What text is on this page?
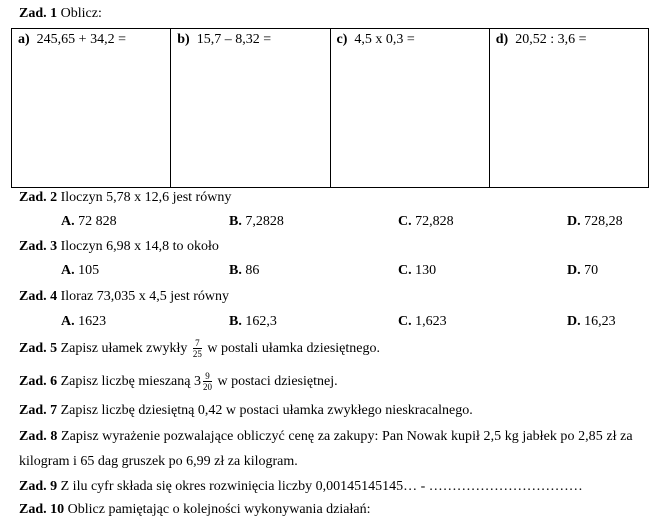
Zad. 1 Oblicz:
a) 245,65 + 34,2 =	b) 15,7 – 8,32 =	c) 4,5 x 0,3 =	d) 20,52 : 3,6 =
Zad. 2 Iloczyn 5,78 x 12,6 jest równy
A. 72 828	B. 7,2828	C. 72,828	D. 728,28
Zad. 3 Iloczyn 6,98 x 14,8 to około
A. 105	B. 86	C. 130	D. 70
Zad. 4 Iloraz 73,035 x 4,5 jest równy
A. 1623	B. 162,3	C. 1,623	D. 16,23
Zad. 5 Zapisz ułamek zwykły $\frac{7}{25}$ w postali ułamka dziesiętnego.
Zad. 6 Zapisz liczbę mieszaną $3 \frac{9}{20}$ w postaci dziesiętnej.
Zad. 7 Zapisz liczbę dziesiętną 0,42 w postaci ułamka zwykłego nieskracalnego.
Zad. 8 Zapisz wyrażenie pozwalające obliczyć cenę za zakupy: Pan Nowak kupił 2,5 kg jabłek po 2,85 zł za
kilogram i 65 dag gruszek po 6,99 zł za kilogram.
Zad. 9 Z ilu cyfr składa się okres rozwinięcia liczby 0,00145145145… - ……………………………
Zad. 10 Oblicz pamiętając o kolejności wykonywania działań:
